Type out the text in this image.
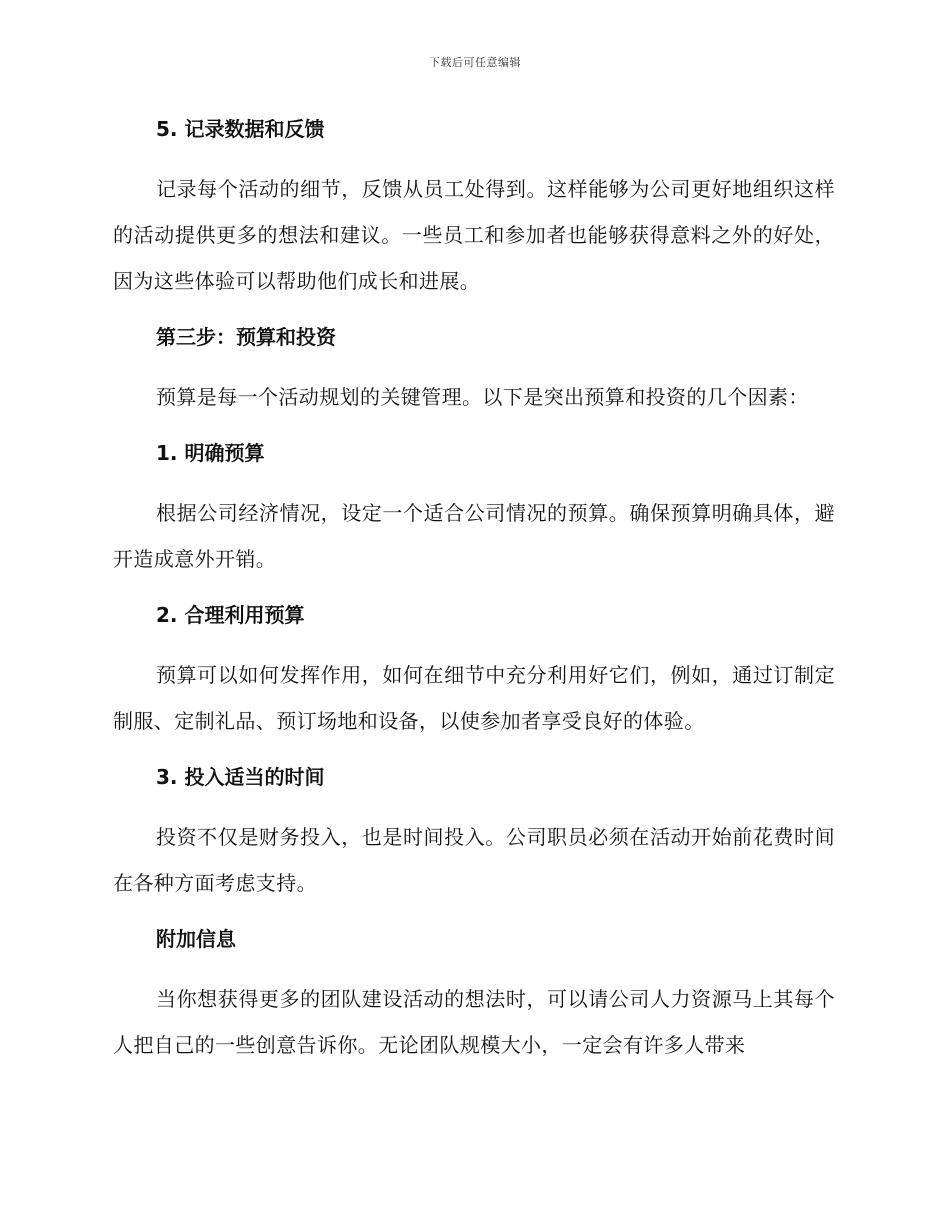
下载后可任意编辑
5. 记录数据和反馈

记录每个活动的细节，反馈从员工处得到。这样能够为公司更好地组织这样的活动提供更多的想法和建议。一些员工和参加者也能够获得意料之外的好处，因为这些体验可以帮助他们成长和进展。

第三步：预算和投资

预算是每一个活动规划的关键管理。以下是突出预算和投资的几个因素：

1. 明确预算

根据公司经济情况，设定一个适合公司情况的预算。确保预算明确具体，避开造成意外开销。

2. 合理利用预算

预算可以如何发挥作用，如何在细节中充分利用好它们，例如，通过订制定制服、定制礼品、预订场地和设备，以使参加者享受良好的体验。

3. 投入适当的时间

投资不仅是财务投入，也是时间投入。公司职员必须在活动开始前花费时间在各种方面考虑支持。

附加信息

当你想获得更多的团队建设活动的想法时，可以请公司人力资源马上其每个人把自己的一些创意告诉你。无论团队规模大小，一定会有许多人带来
